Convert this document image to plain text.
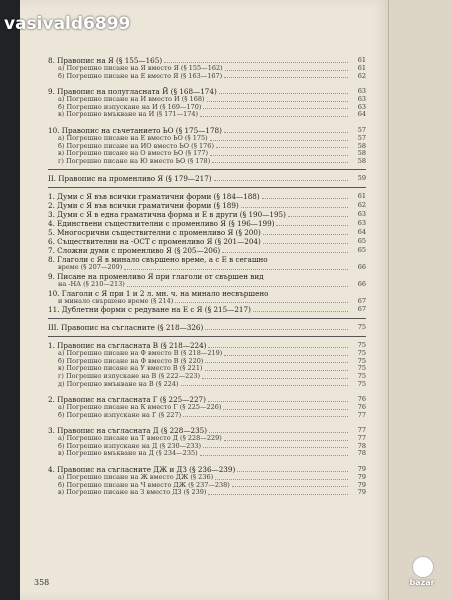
vasivald6899
8. Правопис на Я (§ 155—165)	61
а) Погрешно писане на Я вместо Я (§ 155—162)	61
б) Погрешно писане на Е вместо Я (§ 163—167)	62
9. Правопис на полугласната Й (§ 168—174)	63
а) Погрешно писане на И вместо Й (§ 168)	63
б) Погрешно изпускане на Й (§ 169—170)	63
в) Погрешно вмъкване на Й (§ 171—174)	64
10. Правопис на съчетанието ЬО (§ 175—178)	57
а) Погрешно писане на Е вместо ЬО (§ 175)	57
б) Погрешно писане на ЙО вместо ЬО (§ 176)	58
в) Погрешно писане на О вместо ЬО (§ 177)	58
г) Погрешно писане на Ю вместо ЬО (§ 178)	58
II. Правопис на променливо Я (§ 179—217)	59
1. Думи с Я във всички граматични форми (§ 184—188)	61
2. Думи с Я във всички граматични форми (§ 189)	62
3. Думи с Я в една граматична форма и Е в други (§ 190—195)	63
4. Единствени съществителни с променливо Я (§ 196—199)	63
5. Многосрични съществителни с променливо Я (§ 200)	64
6. Съществителни на -ОСТ с променливо Я (§ 201—204)	65
7. Сложни думи с променливо Я (§ 205—206)	65
8. Глаголи с Я в минало свършено време, а с Е в сегашно
време (§ 207—209)	66
9. Писане на променливо Я при глаголи от свършен вид
на -НА (§ 210—213)	66
10. Глаголи с Я при 1 и 2 л. мн. ч. на минало несвършено
и минало свършено време (§ 214)	67
11. Дублетни форми с редуване на Е с Я (§ 215—217)	67
III. Правопис на съгласните (§ 218—326)	75
1. Правопис на съгласната В (§ 218—224)	75
а) Погрешно писане на Ф вместо В (§ 218—219)	75
б) Погрешно писане на Ф вместо В (§ 220)	75
в) Погрешно писане на У вместо В (§ 221)	75
г) Погрешно изпускане на В (§ 222—223)	75
д) Погрешно вмъкване на В (§ 224)	75
2. Правопис на съгласната Г (§ 225—227)	76
а) Погрешно писане на К вместо Г (§ 225—226)	76
б) Погрешно изпускане на Г (§ 227)	77
3. Правопис на съгласната Д (§ 228—235)	77
а) Погрешно писане на Т вместо Д (§ 228—229)	77
б) Погрешно изпускане на Д (§ 230—233)	78
в) Погрешно вмъкване на Д (§ 234—235)	78
4. Правопис на съгласните ДЖ и ДЗ (§ 236—239)	79
а) Погрешно писане на Ж вместо ДЖ (§ 236)	79
б) Погрешно писане на Ч вместо ДЖ (§ 237—238)	79
в) Погрешно писане на З вместо ДЗ (§ 239)	79
358	bazar
